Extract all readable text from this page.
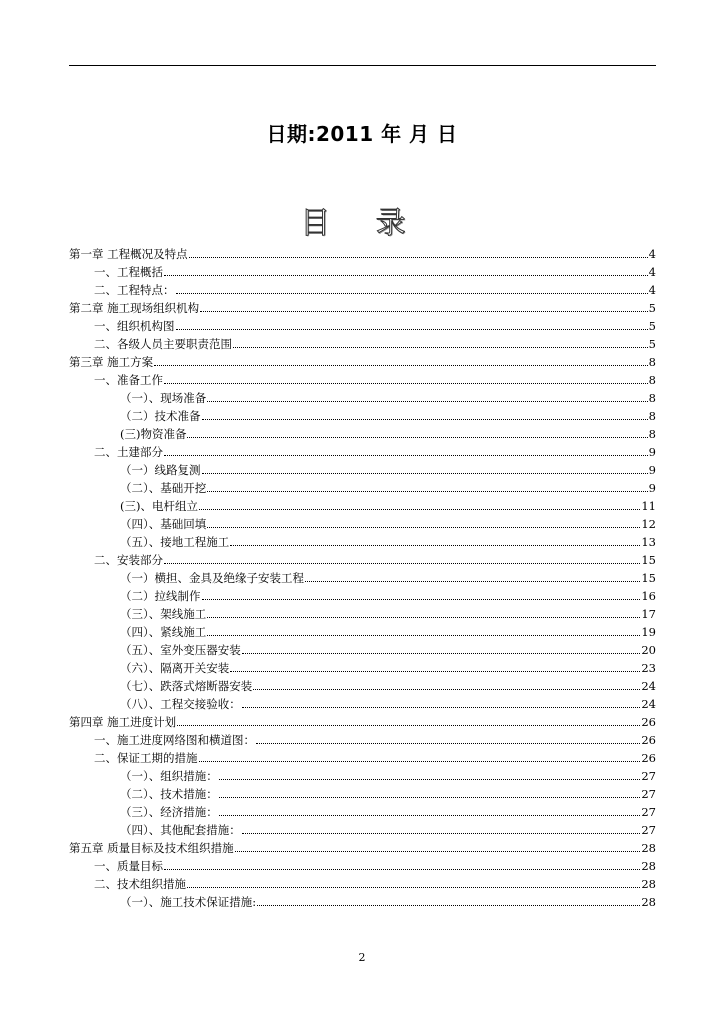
日期:2011 年 月 日
目 录
第一章 工程概况及特点	4
一、工程概括	4
二、工程特点：	4
第二章 施工现场组织机构	5
一、组织机构图	5
二、各级人员主要职责范围	5
第三章 施工方案	8
一、准备工作	8
（一）、现场准备	8
（二）技术准备	8
(三)物资准备	8
二、土建部分	9
（一）线路复测	9
（二）、基础开挖	9
(三)、电杆组立	11
（四）、基础回填	12
（五）、接地工程施工	13
二、安装部分	15
（一）横担、金具及绝缘子安装工程	15
（二）拉线制作	16
（三）、架线施工	17
（四）、紧线施工	19
（五）、室外变压器安装	20
（六）、隔离开关安装	23
（七）、跌落式熔断器安装	24
（八）、工程交接验收：	24
第四章 施工进度计划	26
一、施工进度网络图和横道图：	26
二、保证工期的措施	26
（一）、组织措施：	27
（二）、技术措施：	27
（三）、经济措施：	27
（四）、其他配套措施：	27
第五章 质量目标及技术组织措施	28
一、质量目标	28
二、技术组织措施	28
（一）、施工技术保证措施:	28
2
